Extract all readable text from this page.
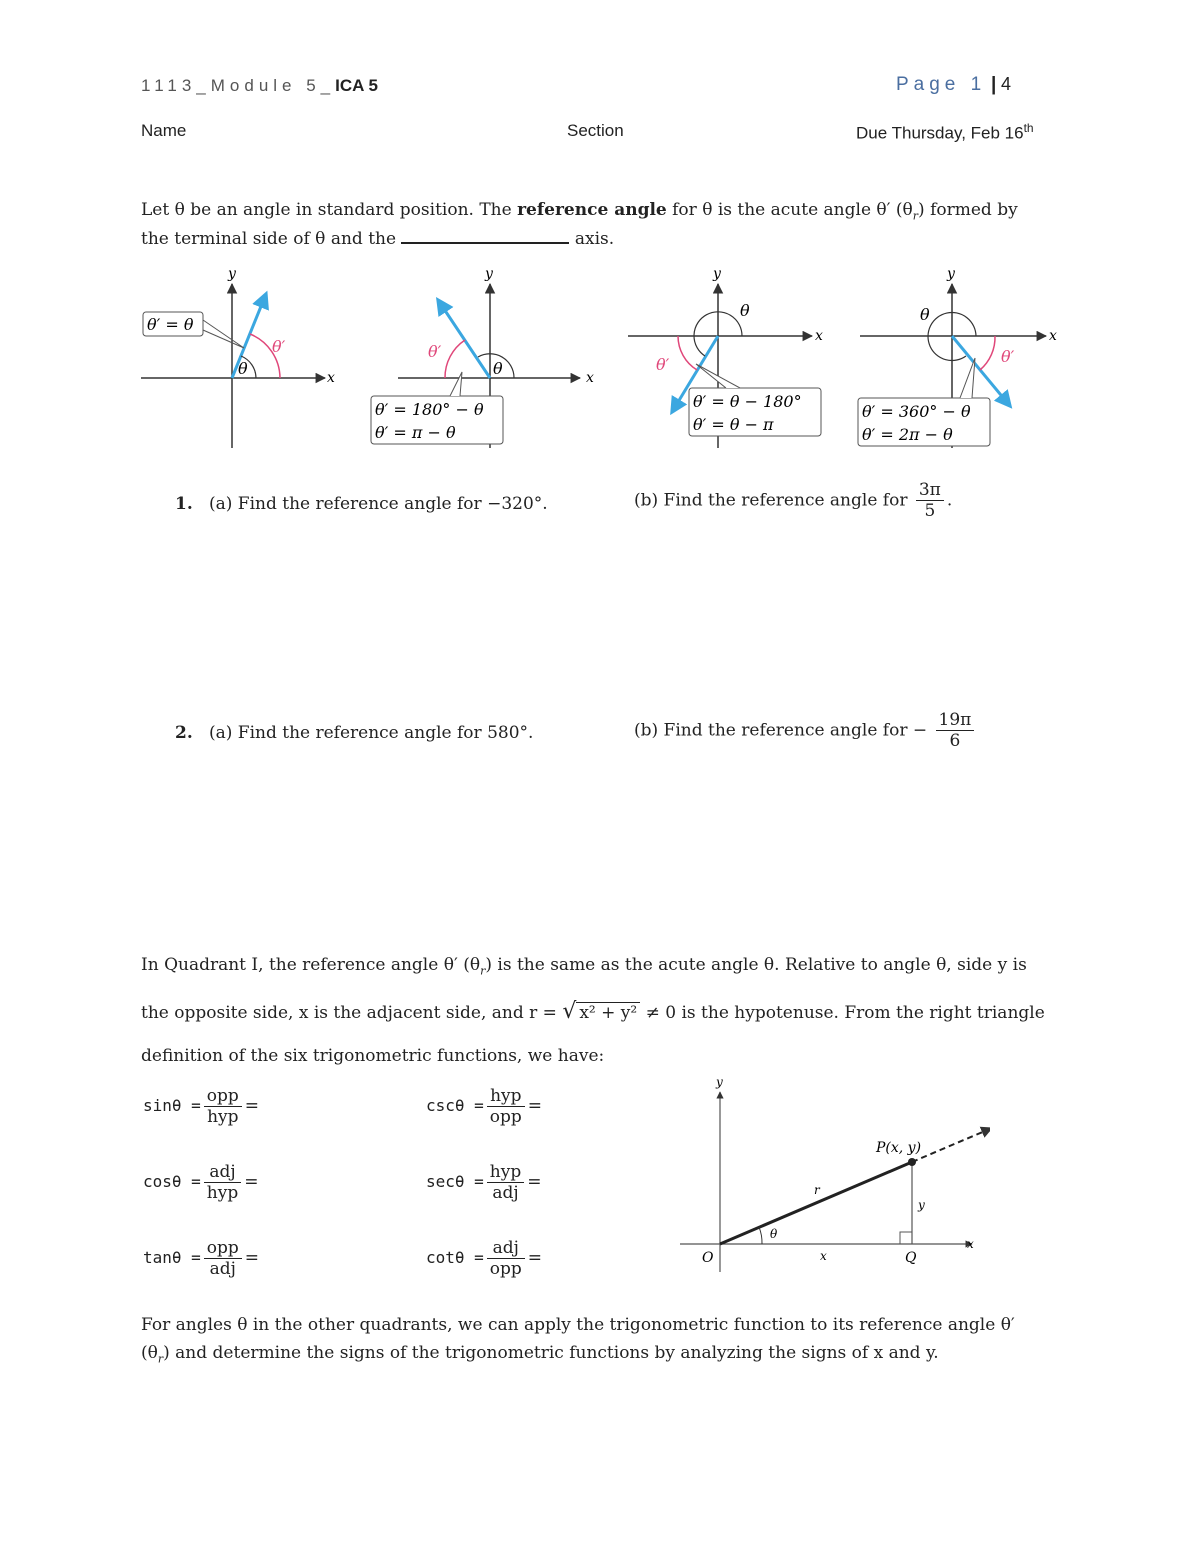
1113_Module 5_ICA 5	Page 1 | 4
Name	Section	Due Thursday, Feb 16th
Let θ be an angle in standard position. The reference angle for θ is the acute angle θ′ $(\theta_r)$ formed by
the terminal side of θ and the	axis.
x
y
θ
θ′
θ′ = θ
x
y
θ
θ′
θ′ = 180° − θ
θ′ = π − θ
x
y
θ
θ′
θ′ = θ − 180°
θ′ = θ − π
x
y
θ
θ′
θ′ = 360° − θ
θ′ = 2π − θ
1. (a) Find the reference angle for −320°.	(b) Find the reference angle for $\frac{3\pi}{5}$ .
2. (a) Find the reference angle for 580°.	(b) Find the reference angle for − $\frac{19\pi}{6}$
In Quadrant I, the reference angle θ′ $(\theta_r)$ is the same as the acute angle θ. Relative to angle θ, side y is
the opposite side, x is the adjacent side, and r = √ x² + y² ≠ 0 is the hypotenuse. From the right triangle
definition of the six trigonometric functions, we have:
$\sin\theta = \frac{\text{opp}}{\text{hyp}}$ =	$\csc\theta = \frac{\text{hyp}}{\text{opp}}$ =
$\cos\theta = \frac{\text{adj}}{\text{hyp}}$ =	$\sec\theta = \frac{\text{hyp}}{\text{adj}}$ =
$\tan\theta = \frac{\text{opp}}{\text{adj}}$ =	$\cot\theta = \frac{\text{adj}}{\text{opp}}$ =
y
x
O
P(x, y)
r
θ
x
y
Q
For angles θ in the other quadrants, we can apply the trigonometric function to its reference angle θ′
$(\theta_r)$ and determine the signs of the trigonometric functions by analyzing the signs of x and y.
